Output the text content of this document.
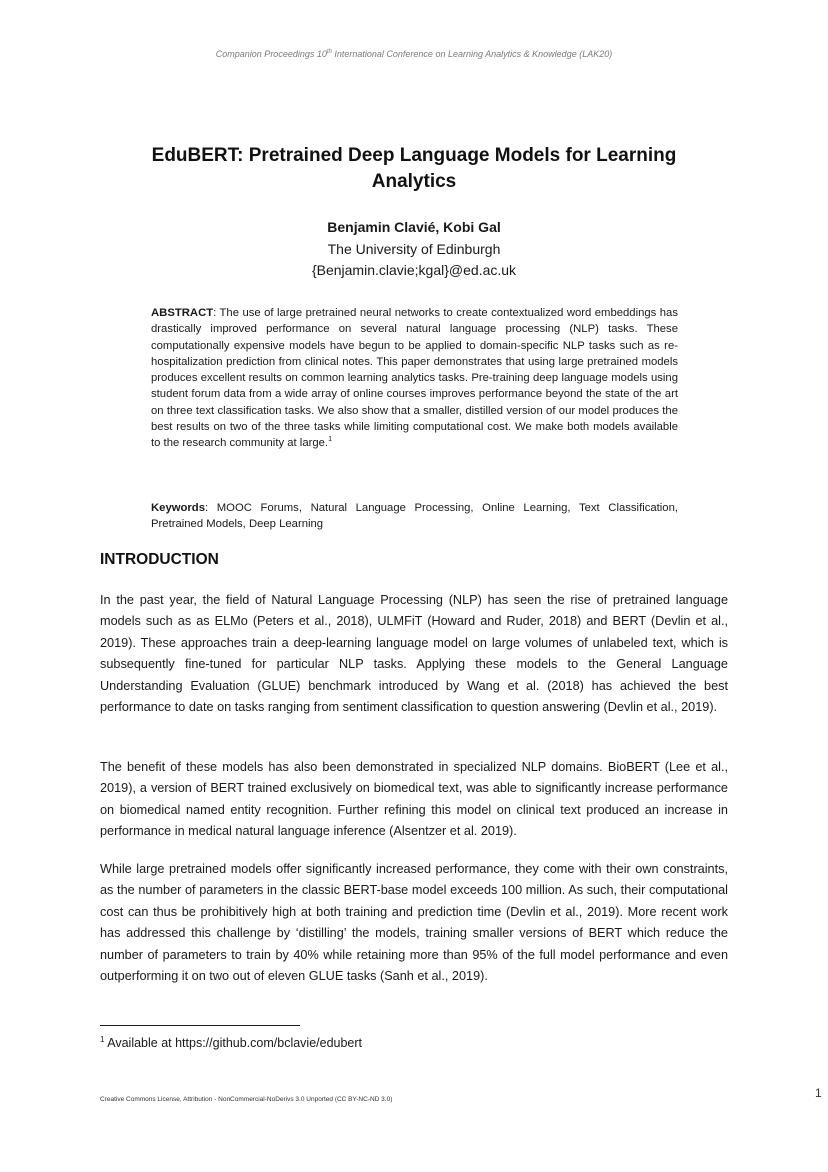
Companion Proceedings 10th International Conference on Learning Analytics & Knowledge (LAK20)
EduBERT: Pretrained Deep Language Models for Learning Analytics
Benjamin Clavié, Kobi Gal
The University of Edinburgh
{Benjamin.clavie;kgal}@ed.ac.uk
ABSTRACT: The use of large pretrained neural networks to create contextualized word embeddings has drastically improved performance on several natural language processing (NLP) tasks. These computationally expensive models have begun to be applied to domain-specific NLP tasks such as re-hospitalization prediction from clinical notes. This paper demonstrates that using large pretrained models produces excellent results on common learning analytics tasks. Pre-training deep language models using student forum data from a wide array of online courses improves performance beyond the state of the art on three text classification tasks. We also show that a smaller, distilled version of our model produces the best results on two of the three tasks while limiting computational cost. We make both models available to the research community at large.$^1$
Keywords: MOOC Forums, Natural Language Processing, Online Learning, Text Classification, Pretrained Models, Deep Learning
INTRODUCTION
In the past year, the field of Natural Language Processing (NLP) has seen the rise of pretrained language models such as as ELMo (Peters et al., 2018), ULMFiT (Howard and Ruder, 2018) and BERT (Devlin et al., 2019). These approaches train a deep-learning language model on large volumes of unlabeled text, which is subsequently fine-tuned for particular NLP tasks. Applying these models to the General Language Understanding Evaluation (GLUE) benchmark introduced by Wang et al. (2018) has achieved the best performance to date on tasks ranging from sentiment classification to question answering (Devlin et al., 2019).
The benefit of these models has also been demonstrated in specialized NLP domains. BioBERT (Lee et al., 2019), a version of BERT trained exclusively on biomedical text, was able to significantly increase performance on biomedical named entity recognition. Further refining this model on clinical text produced an increase in performance in medical natural language inference (Alsentzer et al. 2019).
While large pretrained models offer significantly increased performance, they come with their own constraints, as the number of parameters in the classic BERT-base model exceeds 100 million. As such, their computational cost can thus be prohibitively high at both training and prediction time (Devlin et al., 2019). More recent work has addressed this challenge by ‘distilling’ the models, training smaller versions of BERT which reduce the number of parameters to train by 40% while retaining more than 95% of the full model performance and even outperforming it on two out of eleven GLUE tasks (Sanh et al., 2019).
$^1$ Available at https://github.com/bclavie/edubert
Creative Commons License, Attribution - NonCommercial-NoDerivs 3.0 Unported (CC BY-NC-ND 3.0)	1
